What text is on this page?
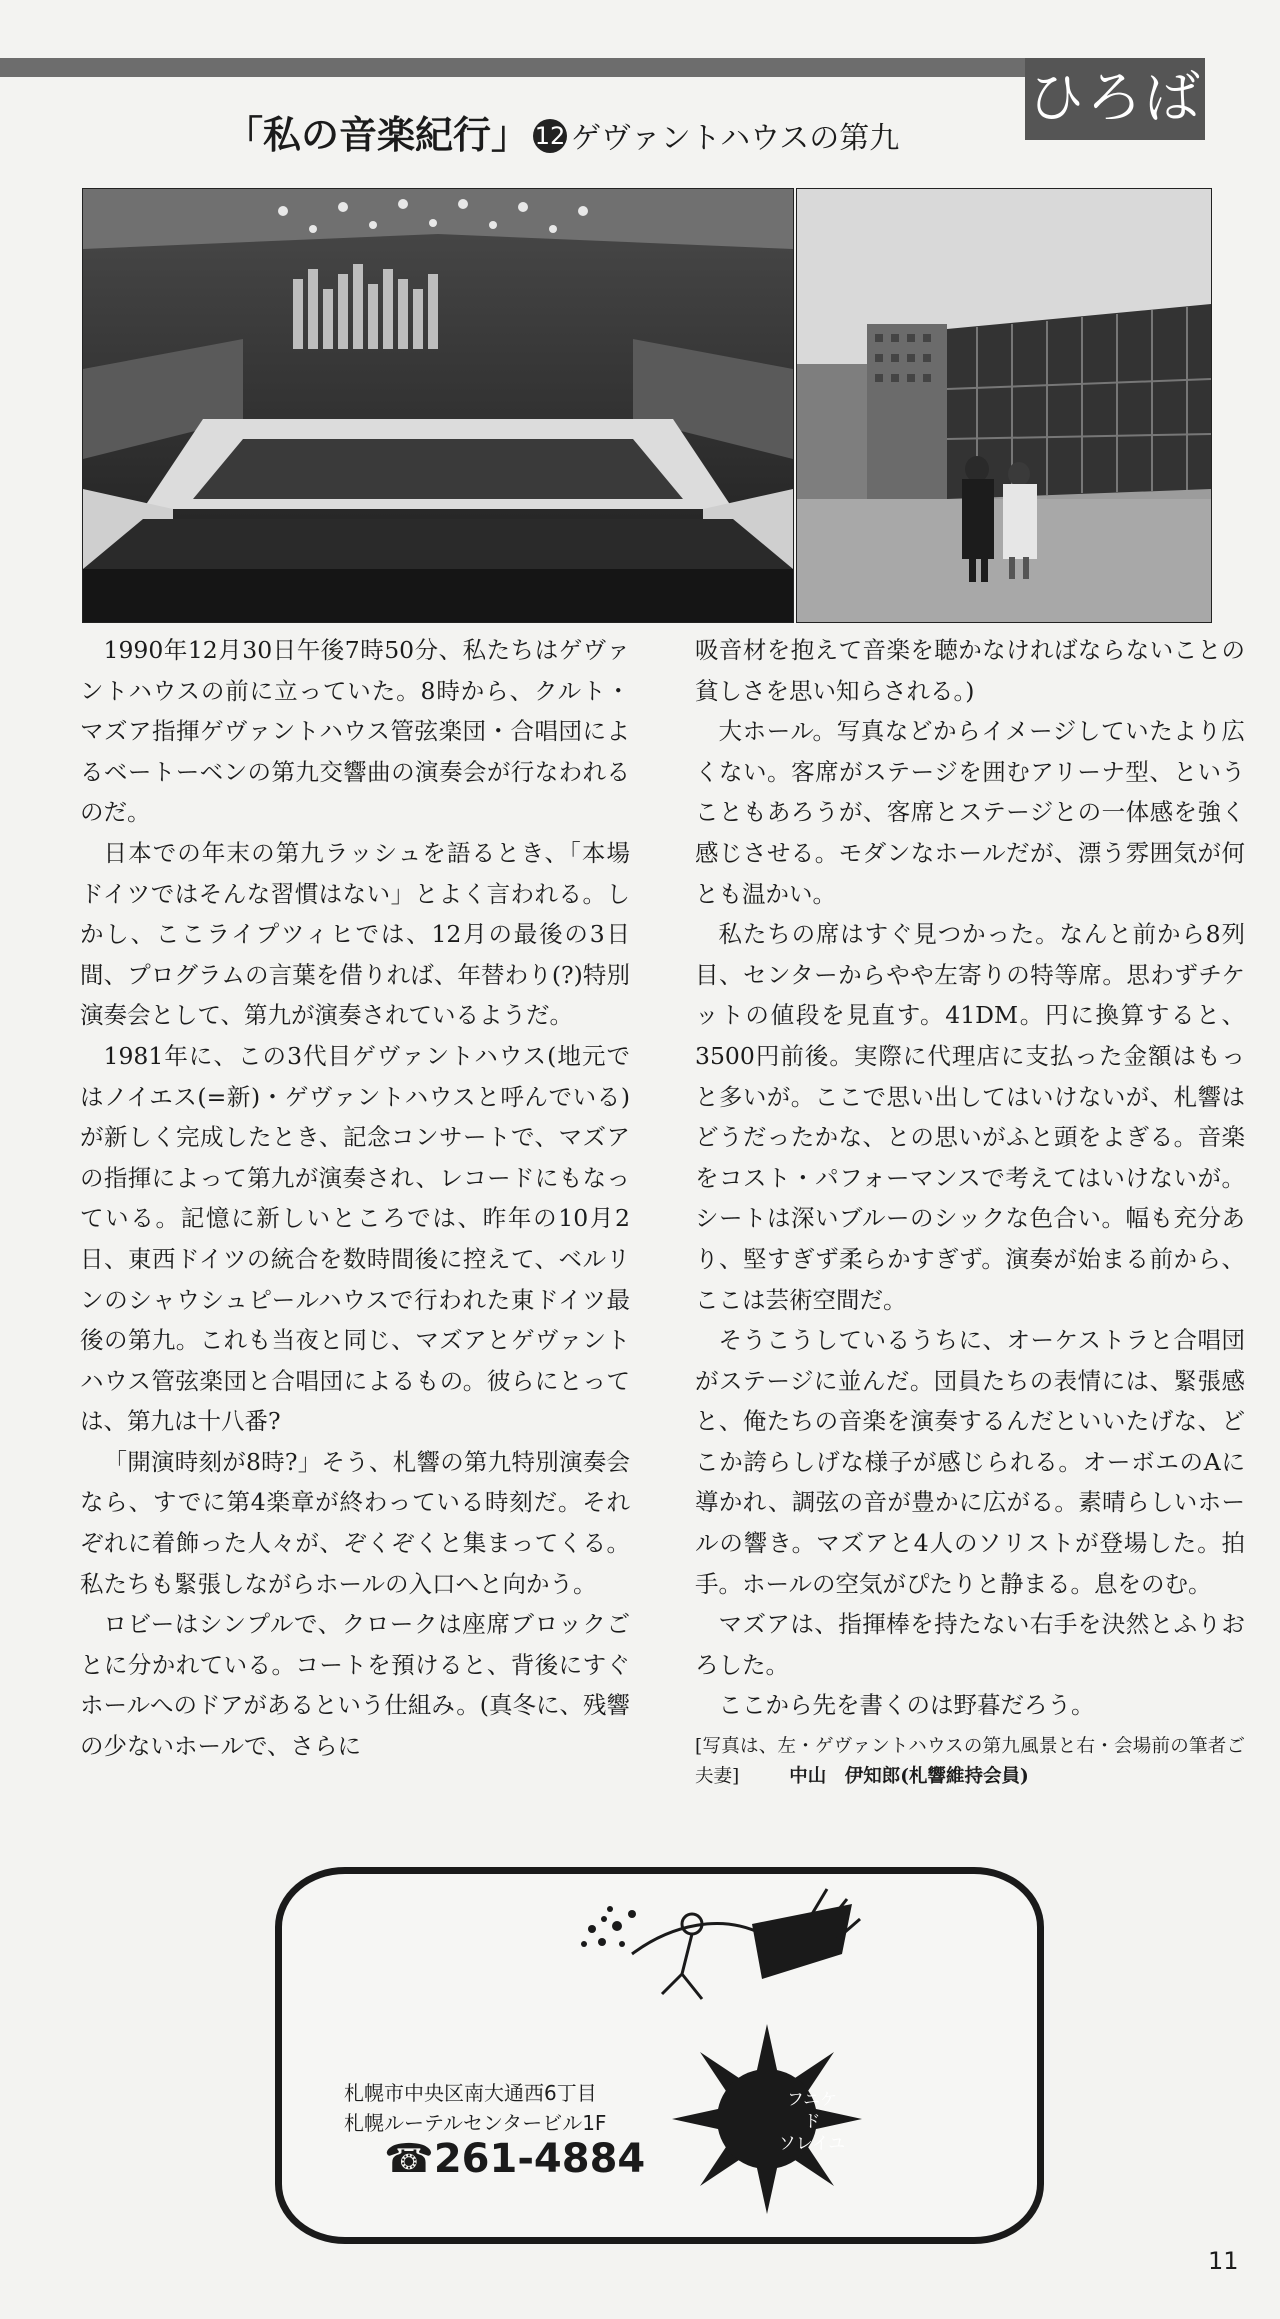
ひろば
「私の音楽紀行」 12 ゲヴァントハウスの第九

1990年12月30日午後7時50分、私たちはゲヴァントハウスの前に立っていた。8時から、クルト・マズア指揮ゲヴァントハウス管弦楽団・合唱団によるベートーベンの第九交響曲の演奏会が行なわれるのだ。

日本での年末の第九ラッシュを語るとき、「本場ドイツではそんな習慣はない」とよく言われる。しかし、ここライプツィヒでは、12月の最後の3日間、プログラムの言葉を借りれば、年替わり(?)特別演奏会として、第九が演奏されているようだ。

1981年に、この3代目ゲヴァントハウス(地元ではノイエス(=新)・ゲヴァントハウスと呼んでいる)が新しく完成したとき、記念コンサートで、マズアの指揮によって第九が演奏され、レコードにもなっている。記憶に新しいところでは、昨年の10月2日、東西ドイツの統合を数時間後に控えて、ベルリンのシャウシュピールハウスで行われた東ドイツ最後の第九。これも当夜と同じ、マズアとゲヴァントハウス管弦楽団と合唱団によるもの。彼らにとっては、第九は十八番?

「開演時刻が8時?」そう、札響の第九特別演奏会なら、すでに第4楽章が終わっている時刻だ。それぞれに着飾った人々が、ぞくぞくと集まってくる。私たちも緊張しながらホールの入口へと向かう。

ロビーはシンプルで、クロークは座席ブロックごとに分かれている。コートを預けると、背後にすぐホールへのドアがあるという仕組み。(真冬に、残響の少ないホールで、さらに

吸音材を抱えて音楽を聴かなければならないことの貧しさを思い知らされる。)

大ホール。写真などからイメージしていたより広くない。客席がステージを囲むアリーナ型、ということもあろうが、客席とステージとの一体感を強く感じさせる。モダンなホールだが、漂う雰囲気が何とも温かい。

私たちの席はすぐ見つかった。なんと前から8列目、センターからやや左寄りの特等席。思わずチケットの値段を見直す。41DM。円に換算すると、3500円前後。実際に代理店に支払った金額はもっと多いが。ここで思い出してはいけないが、札響はどうだったかな、との思いがふと頭をよぎる。音楽をコスト・パフォーマンスで考えてはいけないが。シートは深いブルーのシックな色合い。幅も充分あり、堅すぎず柔らかすぎず。演奏が始まる前から、ここは芸術空間だ。

そうこうしているうちに、オーケストラと合唱団がステージに並んだ。団員たちの表情には、緊張感と、俺たちの音楽を演奏するんだといいたげな、どこか誇らしげな様子が感じられる。オーボエのAに導かれ、調弦の音が豊かに広がる。素晴らしいホールの響き。マズアと4人のソリストが登場した。拍手。ホールの空気がぴたりと静まる。息をのむ。

マズアは、指揮棒を持たない右手を決然とふりおろした。

ここから先を書くのは野暮だろう。

[写真は、左・ゲヴァントハウスの第九風景と右・会場前の筆者ご夫妻]	中山　伊知郎(札響維持会員)

フニケ
ド
ソレイユ
札幌市中央区南大通西6丁目
札幌ルーテルセンタービル1F
☎261-4884
11
